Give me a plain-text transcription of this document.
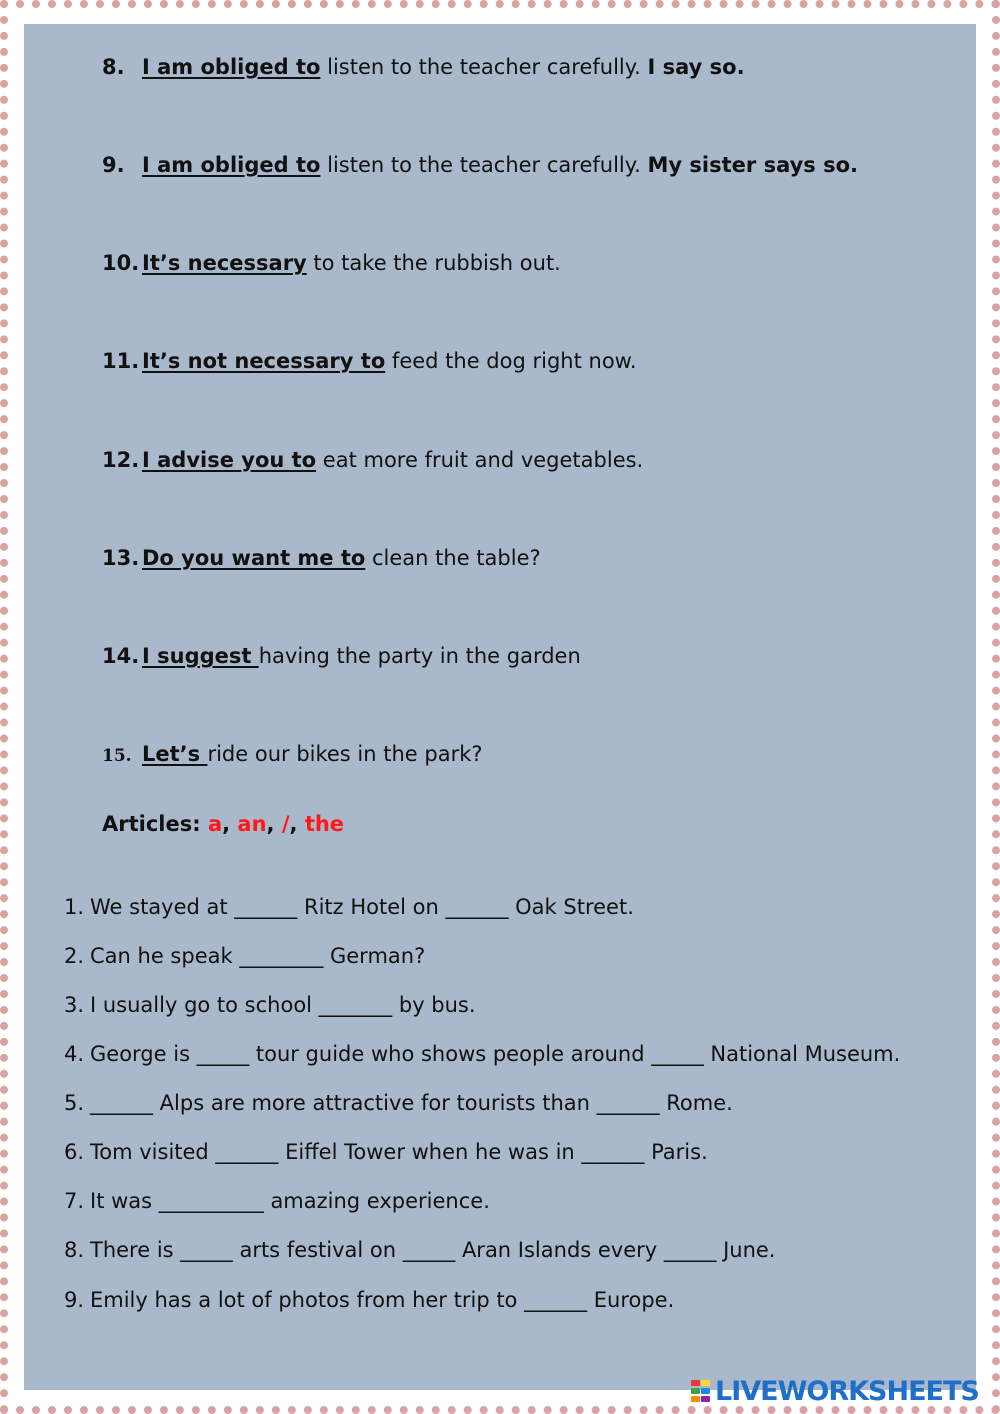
8. I am obliged to listen to the teacher carefully. I say so.
9. I am obliged to listen to the teacher carefully. My sister says so.
10. It’s necessary to take the rubbish out.
11. It’s not necessary to feed the dog right now.
12. I advise you to eat more fruit and vegetables.
13. Do you want me to clean the table?
14. I suggest having the party in the garden
15. Let’s ride our bikes in the park?
Articles: a, an, /, the
1. We stayed at ______ Ritz Hotel on ______ Oak Street.
2. Can he speak ________ German?
3. I usually go to school _______ by bus.
4. George is _____ tour guide who shows people around _____ National Museum.
5. ______ Alps are more attractive for tourists than ______ Rome.
6. Tom visited ______ Eiffel Tower when he was in ______ Paris.
7. It was __________ amazing experience.
8. There is _____ arts festival on _____ Aran Islands every _____ June.
9. Emily has a lot of photos from her trip to ______ Europe.
LIVEWORKSHEETS
